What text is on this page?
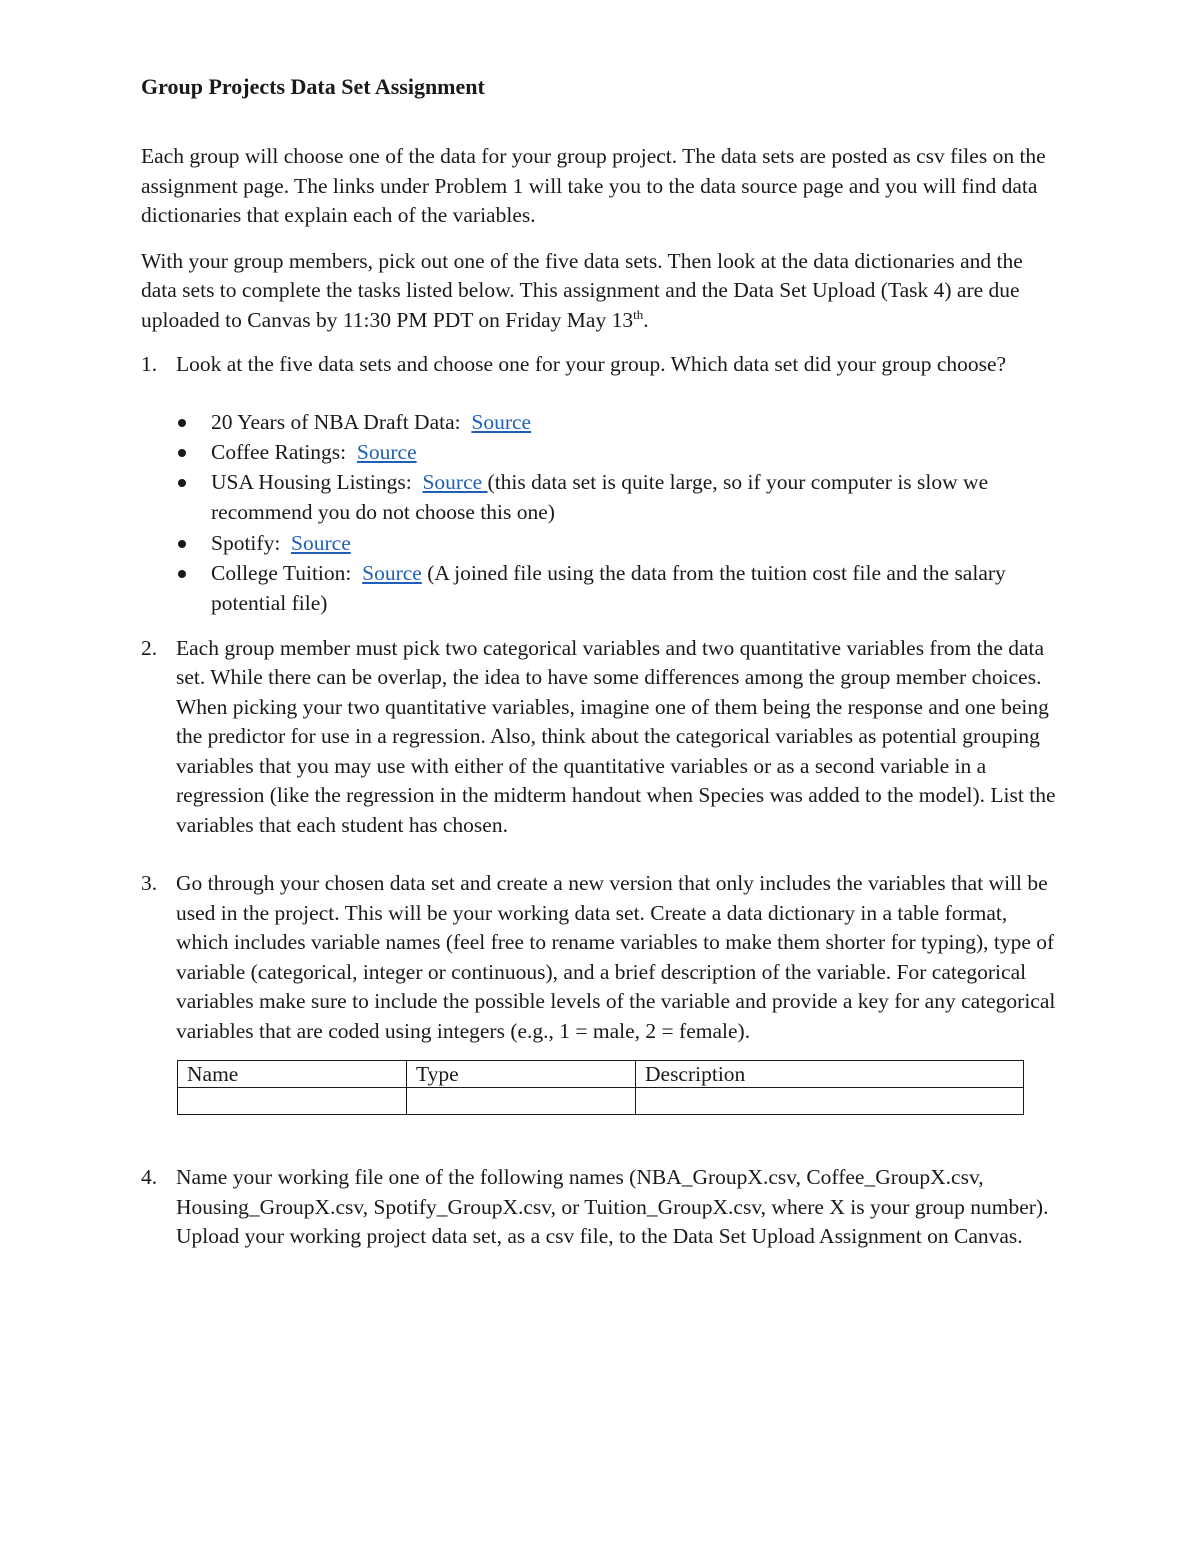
Group Projects Data Set Assignment

Each group will choose one of the data for your group project. The data sets are posted as csv files on the assignment page. The links under Problem 1 will take you to the data source page and you will find data dictionaries that explain each of the variables.

With your group members, pick out one of the five data sets. Then look at the data dictionaries and the data sets to complete the tasks listed below. This assignment and the Data Set Upload (Task 4) are due uploaded to Canvas by 11:30 PM PDT on Friday May 13th.

1. Look at the five data sets and choose one for your group. Which data set did your group choose?
20 Years of NBA Draft Data:  Source
Coffee Ratings:  Source
USA Housing Listings:  Source (this data set is quite large, so if your computer is slow we recommend you do not choose this one)
Spotify:  Source
College Tuition:  Source (A joined file using the data from the tuition cost file and the salary potential file)
2. Each group member must pick two categorical variables and two quantitative variables from the data set. While there can be overlap, the idea to have some differences among the group member choices. When picking your two quantitative variables, imagine one of them being the response and one being the predictor for use in a regression. Also, think about the categorical variables as potential grouping variables that you may use with either of the quantitative variables or as a second variable in a regression (like the regression in the midterm handout when Species was added to the model). List the variables that each student has chosen.
3. Go through your chosen data set and create a new version that only includes the variables that will be used in the project. This will be your working data set. Create a data dictionary in a table format, which includes variable names (feel free to rename variables to make them shorter for typing), type of variable (categorical, integer or continuous), and a brief description of the variable. For categorical variables make sure to include the possible levels of the variable and provide a key for any categorical variables that are coded using integers (e.g., 1 = male, 2 = female).
Name	Type	Description

4. Name your working file one of the following names (NBA_GroupX.csv, Coffee_GroupX.csv, Housing_GroupX.csv, Spotify_GroupX.csv, or Tuition_GroupX.csv, where X is your group number). Upload your working project data set, as a csv file, to the Data Set Upload Assignment on Canvas.
